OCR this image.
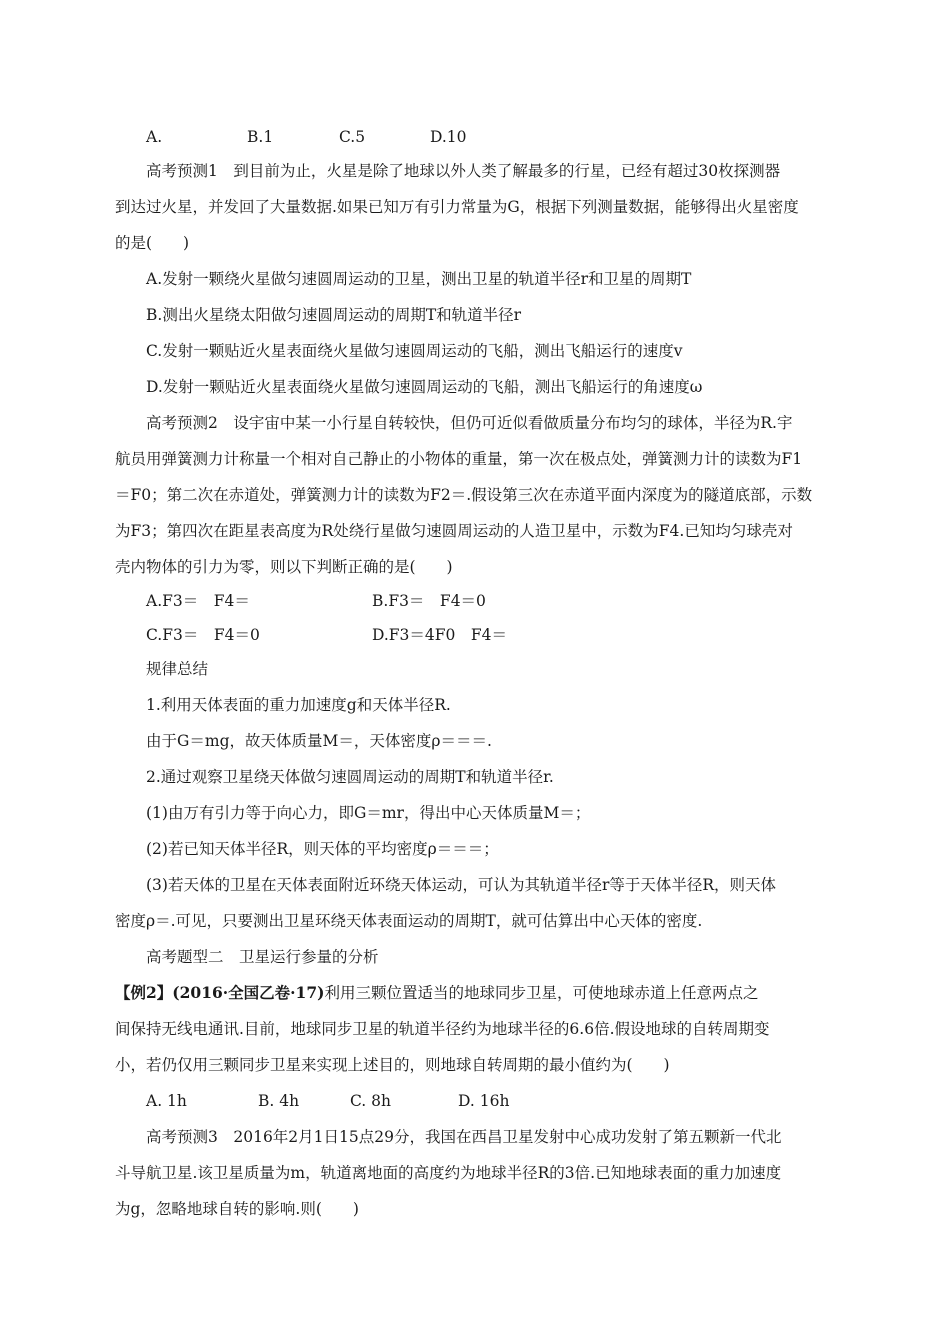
A.	B.1	C.5	D.10
高考预测1　到目前为止，火星是除了地球以外人类了解最多的行星，已经有超过30枚探测器
到达过火星，并发回了大量数据.如果已知万有引力常量为G，根据下列测量数据，能够得出火星密度
的是(　　)
A.发射一颗绕火星做匀速圆周运动的卫星，测出卫星的轨道半径r和卫星的周期T
B.测出火星绕太阳做匀速圆周运动的周期T和轨道半径r
C.发射一颗贴近火星表面绕火星做匀速圆周运动的飞船，测出飞船运行的速度v
D.发射一颗贴近火星表面绕火星做匀速圆周运动的飞船，测出飞船运行的角速度ω
高考预测2　设宇宙中某一小行星自转较快，但仍可近似看做质量分布均匀的球体，半径为R.宇
航员用弹簧测力计称量一个相对自己静止的小物体的重量，第一次在极点处，弹簧测力计的读数为F1
＝F0；第二次在赤道处，弹簧测力计的读数为F2＝.假设第三次在赤道平面内深度为的隧道底部，示数
为F3；第四次在距星表高度为R处绕行星做匀速圆周运动的人造卫星中，示数为F4.已知均匀球壳对
壳内物体的引力为零，则以下判断正确的是(　　)
A.F3＝　F4＝	B.F3＝　F4＝0
C.F3＝　F4＝0	D.F3＝4F0　F4＝
规律总结
1.利用天体表面的重力加速度g和天体半径R.
由于G＝mg，故天体质量M＝，天体密度ρ＝＝＝.
2.通过观察卫星绕天体做匀速圆周运动的周期T和轨道半径r.
(1)由万有引力等于向心力，即G＝mr，得出中心天体质量M＝；
(2)若已知天体半径R，则天体的平均密度ρ＝＝＝；
(3)若天体的卫星在天体表面附近环绕天体运动，可认为其轨道半径r等于天体半径R，则天体
密度ρ＝.可见，只要测出卫星环绕天体表面运动的周期T，就可估算出中心天体的密度.
高考题型二　卫星运行参量的分析
【例2】(2016·全国乙卷·17)利用三颗位置适当的地球同步卫星，可使地球赤道上任意两点之
间保持无线电通讯.目前，地球同步卫星的轨道半径约为地球半径的6.6倍.假设地球的自转周期变
小，若仍仅用三颗同步卫星来实现上述目的，则地球自转周期的最小值约为(　　)
A. 1h	B. 4h	C. 8h	D. 16h
高考预测3　2016年2月1日15点29分，我国在西昌卫星发射中心成功发射了第五颗新一代北
斗导航卫星.该卫星质量为m，轨道离地面的高度约为地球半径R的3倍.已知地球表面的重力加速度
为g，忽略地球自转的影响.则(　　)
